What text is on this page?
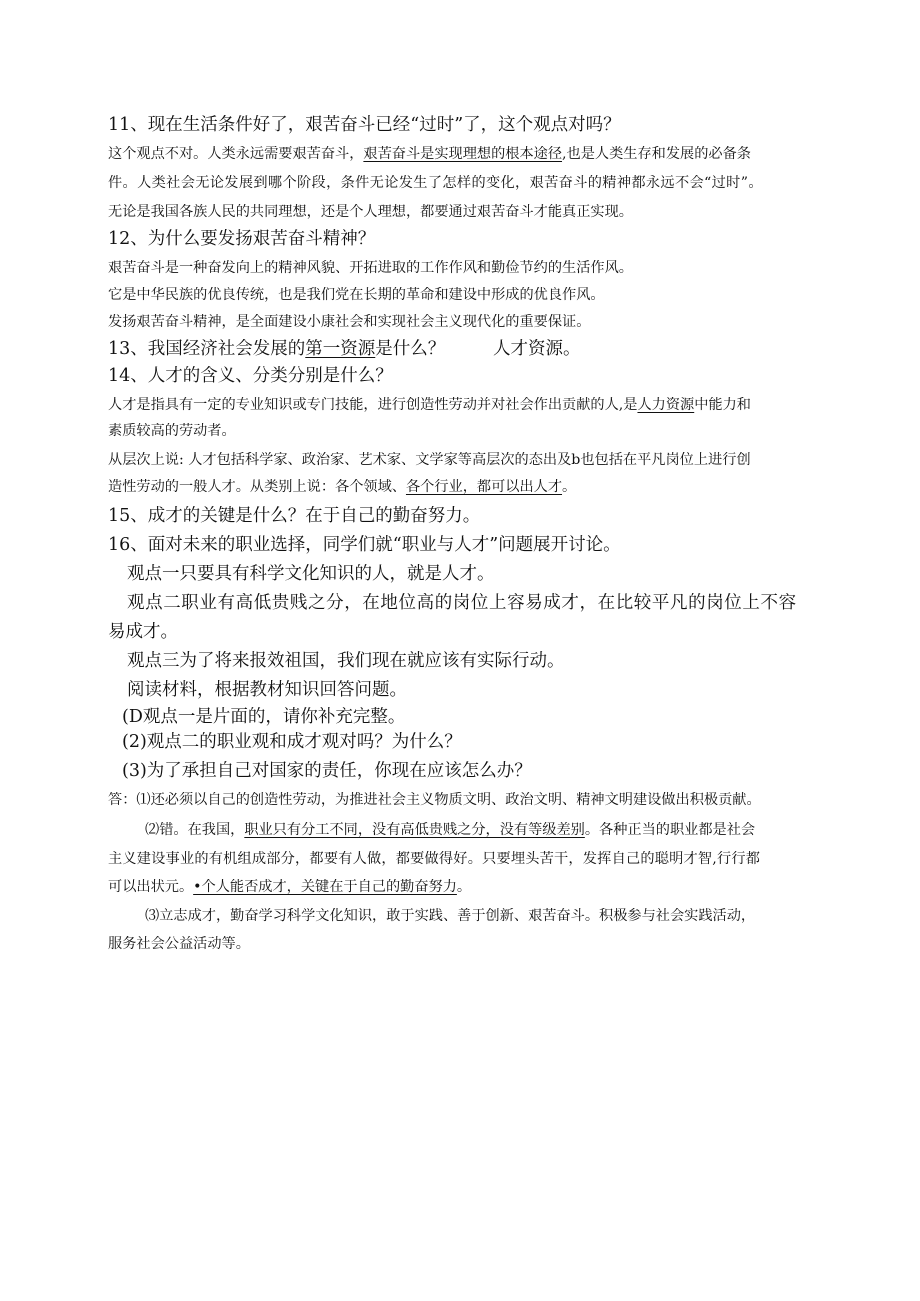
11、现在生活条件好了，艰苦奋斗已经“过时”了，这个观点对吗？
这个观点不对。人类永远需要艰苦奋斗，艰苦奋斗是实现理想的根本途径,也是人类生存和发展的必备条
件。人类社会无论发展到哪个阶段，条件无论发生了怎样的变化，艰苦奋斗的精神都永远不会“过时”。
无论是我国各族人民的共同理想，还是个人理想，都要通过艰苦奋斗才能真正实现。
12、为什么要发扬艰苦奋斗精神？
艰苦奋斗是一种奋发向上的精神风貌、开拓进取的工作作风和勤俭节约的生活作风。
它是中华民族的优良传统，也是我们党在长期的革命和建设中形成的优良作风。
发扬艰苦奋斗精神，是全面建设小康社会和实现社会主义现代化的重要保证。
13、我国经济社会发展的第一资源是什么？	人才资源。
14、人才的含义、分类分别是什么？
人才是指具有一定的专业知识或专门技能，进行创造性劳动并对社会作出贡献的人,是人力资源中能力和
素质较高的劳动者。
从层次上说: 人才包括科学家、政治家、艺术家、文学家等高层次的态出及b也包括在平凡岗位上进行创
造性劳动的一般人才。从类别上说：各个领域、各个行业，都可以出人才。
15、成才的关键是什么？在于自己的勤奋努力。
16、面对未来的职业选择，同学们就“职业与人才”问题展开讨论。
观点一只要具有科学文化知识的人，就是人才。
观点二职业有高低贵贱之分，在地位高的岗位上容易成才，在比较平凡的岗位上不容
易成才。
观点三为了将来报效祖国，我们现在就应该有实际行动。
阅读材料，根据教材知识回答问题。
(D观点一是片面的，请你补充完整。
(2)观点二的职业观和成才观对吗？为什么？
(3)为了承担自己对国家的责任，你现在应该怎么办？
答：⑴还必须以自己的创造性劳动，为推进社会主义物质文明、政治文明、精神文明建设做出积极贡献。
⑵错。在我国，职业只有分工不同，没有高低贵贱之分，没有等级差别。各种正当的职业都是社会
主义建设事业的有机组成部分，都要有人做，都要做得好。只要埋头苦干，发挥自己的聪明才智,行行都
可以出状元。•个人能否成才，关键在于自己的勤奋努力。
⑶立志成才，勤奋学习科学文化知识，敢于实践、善于创新、艰苦奋斗。积极参与社会实践活动，
服务社会公益活动等。
